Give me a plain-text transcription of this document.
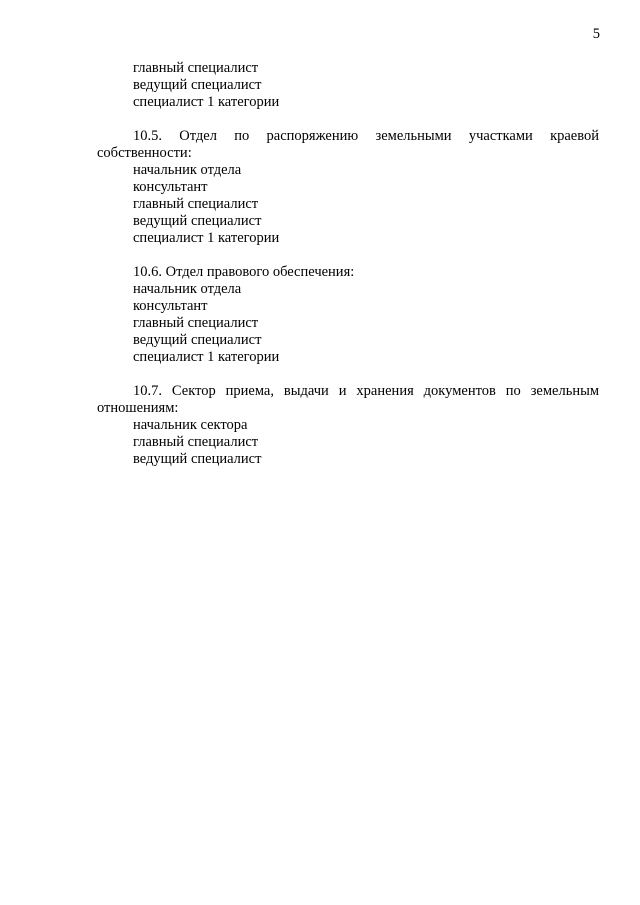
5
главный специалист
ведущий специалист
специалист 1 категории
10.5. Отдел по распоряжению земельными участками краевой собственности:
начальник отдела
консультант
главный специалист
ведущий специалист
специалист 1 категории
10.6. Отдел правового обеспечения:
начальник отдела
консультант
главный специалист
ведущий специалист
специалист 1 категории
10.7. Сектор приема, выдачи и хранения документов по земельным отношениям:
начальник сектора
главный специалист
ведущий специалист
